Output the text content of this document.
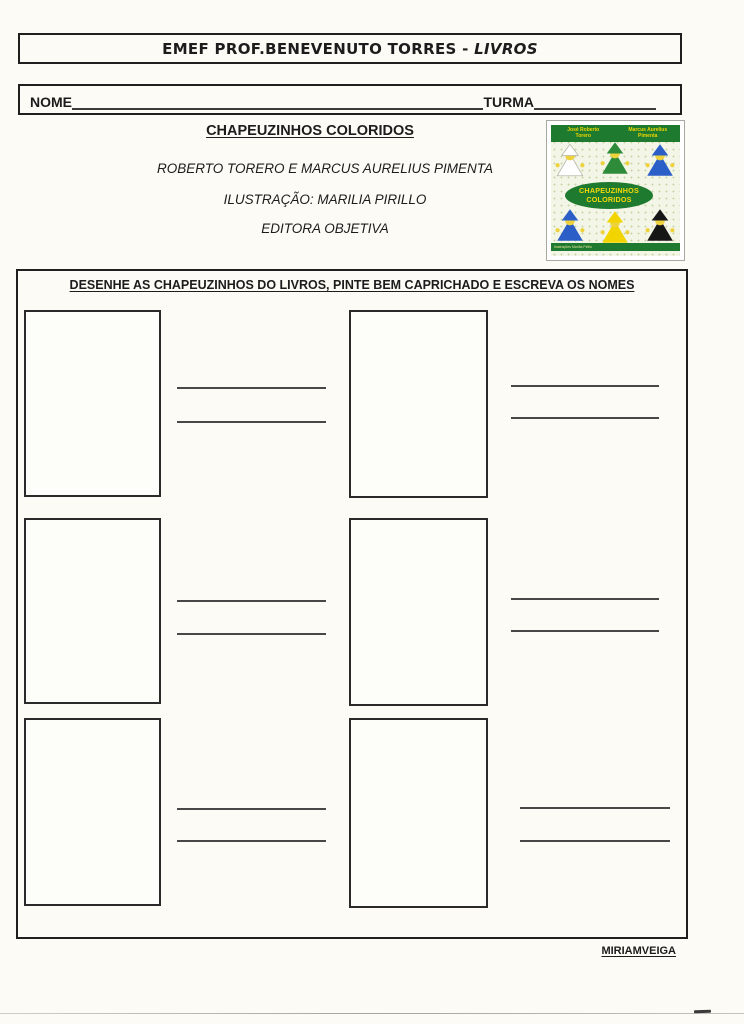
EMEF PROF.BENEVENUTO TORRES - LIVROS
NOME	TURMA
CHAPEUZINHOS COLORIDOS
ROBERTO TORERO E MARCUS AURELIUS PIMENTA
ILUSTRAÇÃO: MARILIA PIRILLO
EDITORA OBJETIVA
José Roberto
Torero
Marcus Aurelius
Pimenta
CHAPEUZINHOS
COLORIDOS
Ilustrações Marília Pirillo
DESENHE AS CHAPEUZINHOS DO LIVROS, PINTE BEM CAPRICHADO E ESCREVA OS NOMES
MIRIAMVEIGA
